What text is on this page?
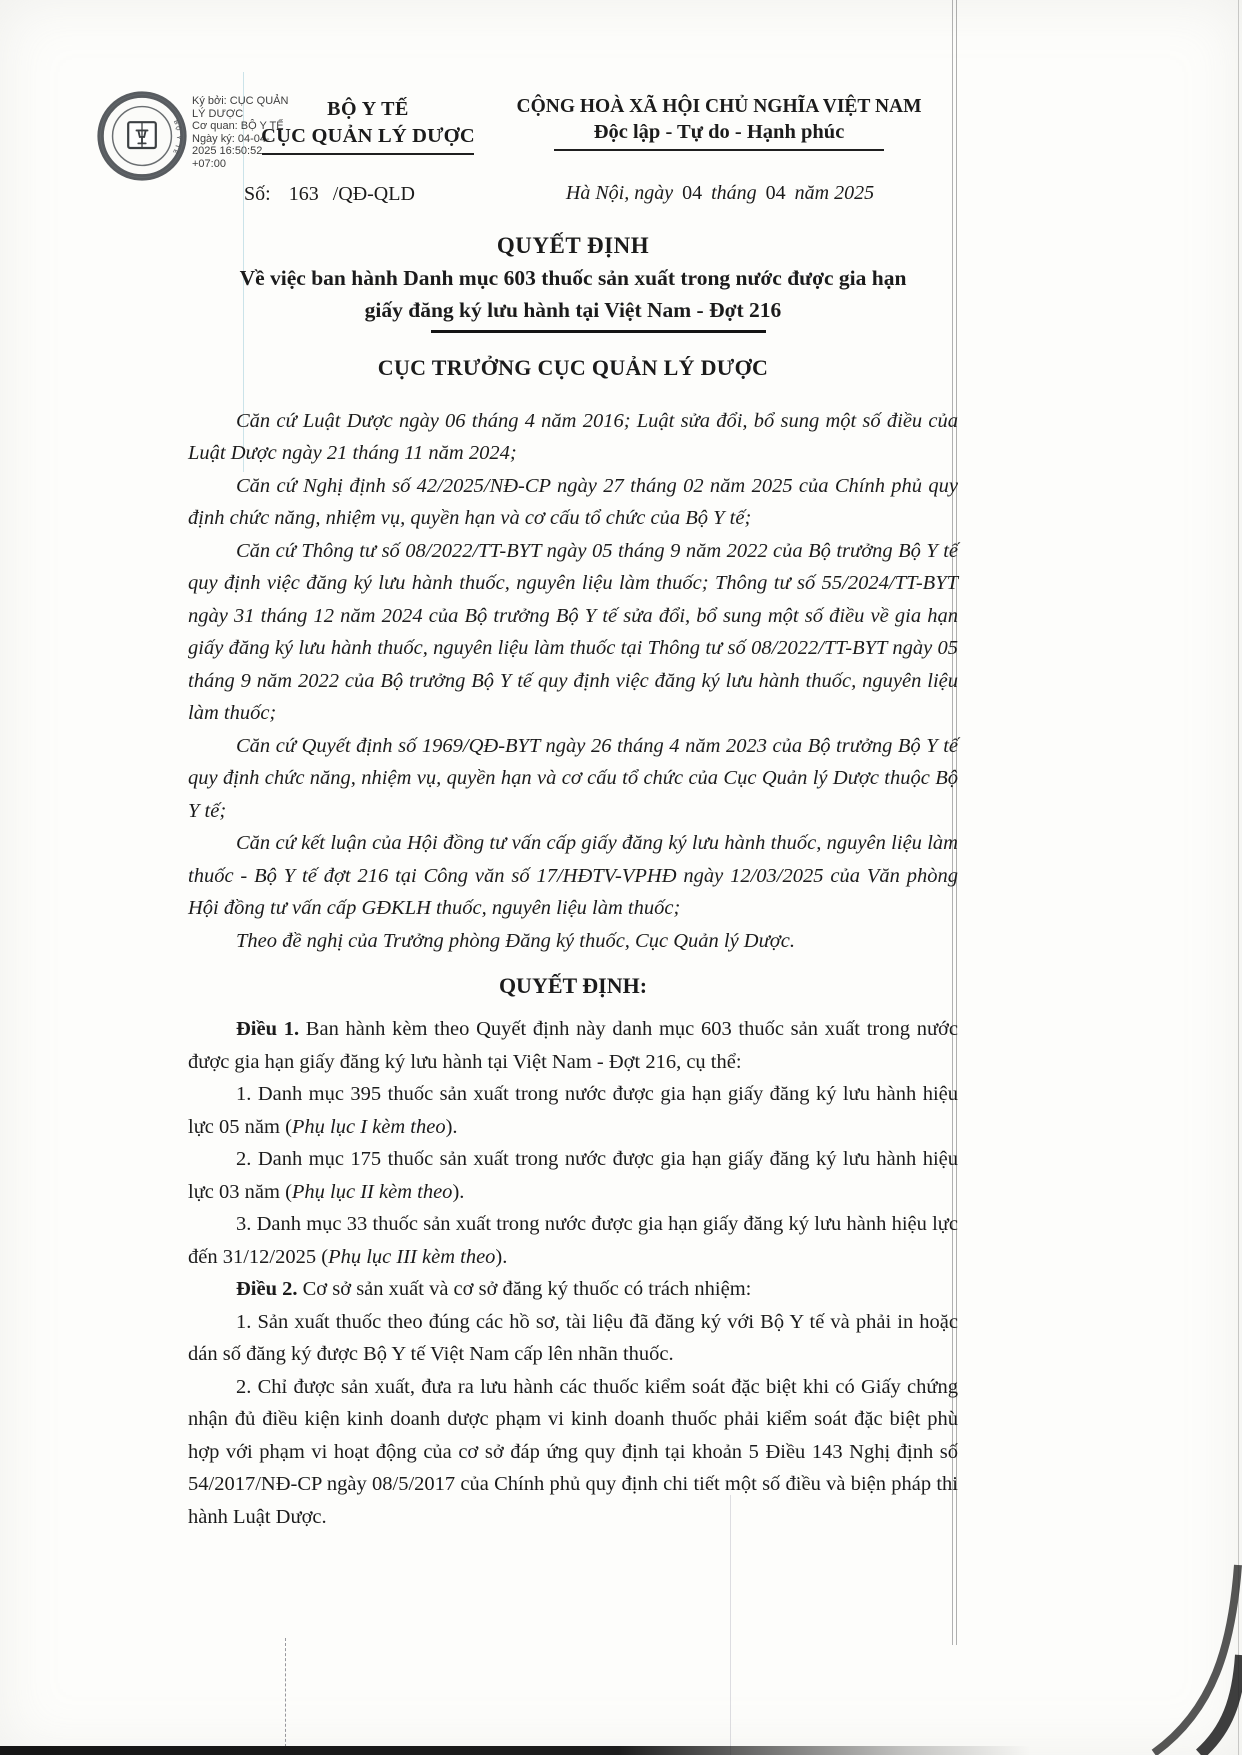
B Ộ   Y   T Ế
Ký bởi: CỤC QUẢN
LÝ DƯỢC
Cơ quan: BỘ Y TẾ
Ngày ký: 04-04-
2025 16:50:52
+07:00
BỘ Y TẾ
CỤC QUẢN LÝ DƯỢC
Số: 163 /QĐ-QLD
CỘNG HOÀ XÃ HỘI CHỦ NGHĨA VIỆT NAM
Độc lập - Tự do - Hạnh phúc
Hà Nội, ngày 04 tháng 04 năm 2025
QUYẾT ĐỊNH
Về việc ban hành Danh mục 603 thuốc sản xuất trong nước được gia hạn
giấy đăng ký lưu hành tại Việt Nam - Đợt 216
CỤC TRƯỞNG CỤC QUẢN LÝ DƯỢC

Căn cứ Luật Dược ngày 06 tháng 4 năm 2016; Luật sửa đổi, bổ sung một số điều của Luật Dược ngày 21 tháng 11 năm 2024;

Căn cứ Nghị định số 42/2025/NĐ-CP ngày 27 tháng 02 năm 2025 của Chính phủ quy định chức năng, nhiệm vụ, quyền hạn và cơ cấu tổ chức của Bộ Y tế;

Căn cứ Thông tư số 08/2022/TT-BYT ngày 05 tháng 9 năm 2022 của Bộ trưởng Bộ Y tế quy định việc đăng ký lưu hành thuốc, nguyên liệu làm thuốc; Thông tư số 55/2024/TT-BYT ngày 31 tháng 12 năm 2024 của Bộ trưởng Bộ Y tế sửa đổi, bổ sung một số điều về gia hạn giấy đăng ký lưu hành thuốc, nguyên liệu làm thuốc tại Thông tư số 08/2022/TT-BYT ngày 05 tháng 9 năm 2022 của Bộ trưởng Bộ Y tế quy định việc đăng ký lưu hành thuốc, nguyên liệu làm thuốc;

Căn cứ Quyết định số 1969/QĐ-BYT ngày 26 tháng 4 năm 2023 của Bộ trưởng Bộ Y tế quy định chức năng, nhiệm vụ, quyền hạn và cơ cấu tổ chức của Cục Quản lý Dược thuộc Bộ Y tế;

Căn cứ kết luận của Hội đồng tư vấn cấp giấy đăng ký lưu hành thuốc, nguyên liệu làm thuốc - Bộ Y tế đợt 216 tại Công văn số 17/HĐTV-VPHĐ ngày 12/03/2025 của Văn phòng Hội đồng tư vấn cấp GĐKLH thuốc, nguyên liệu làm thuốc;

Theo đề nghị của Trưởng phòng Đăng ký thuốc, Cục Quản lý Dược.

QUYẾT ĐỊNH:

Điều 1. Ban hành kèm theo Quyết định này danh mục 603 thuốc sản xuất trong nước được gia hạn giấy đăng ký lưu hành tại Việt Nam - Đợt 216, cụ thể:

1. Danh mục 395 thuốc sản xuất trong nước được gia hạn giấy đăng ký lưu hành hiệu lực 05 năm (Phụ lục I kèm theo).

2. Danh mục 175 thuốc sản xuất trong nước được gia hạn giấy đăng ký lưu hành hiệu lực 03 năm (Phụ lục II kèm theo).

3. Danh mục 33 thuốc sản xuất trong nước được gia hạn giấy đăng ký lưu hành hiệu lực đến 31/12/2025 (Phụ lục III kèm theo).

Điều 2. Cơ sở sản xuất và cơ sở đăng ký thuốc có trách nhiệm:

1. Sản xuất thuốc theo đúng các hồ sơ, tài liệu đã đăng ký với Bộ Y tế và phải in hoặc dán số đăng ký được Bộ Y tế Việt Nam cấp lên nhãn thuốc.

2. Chỉ được sản xuất, đưa ra lưu hành các thuốc kiểm soát đặc biệt khi có Giấy chứng nhận đủ điều kiện kinh doanh dược phạm vi kinh doanh thuốc phải kiểm soát đặc biệt phù hợp với phạm vi hoạt động của cơ sở đáp ứng quy định tại khoản 5 Điều 143 Nghị định số 54/2017/NĐ-CP ngày 08/5/2017 của Chính phủ quy định chi tiết một số điều và biện pháp thi hành Luật Dược.
